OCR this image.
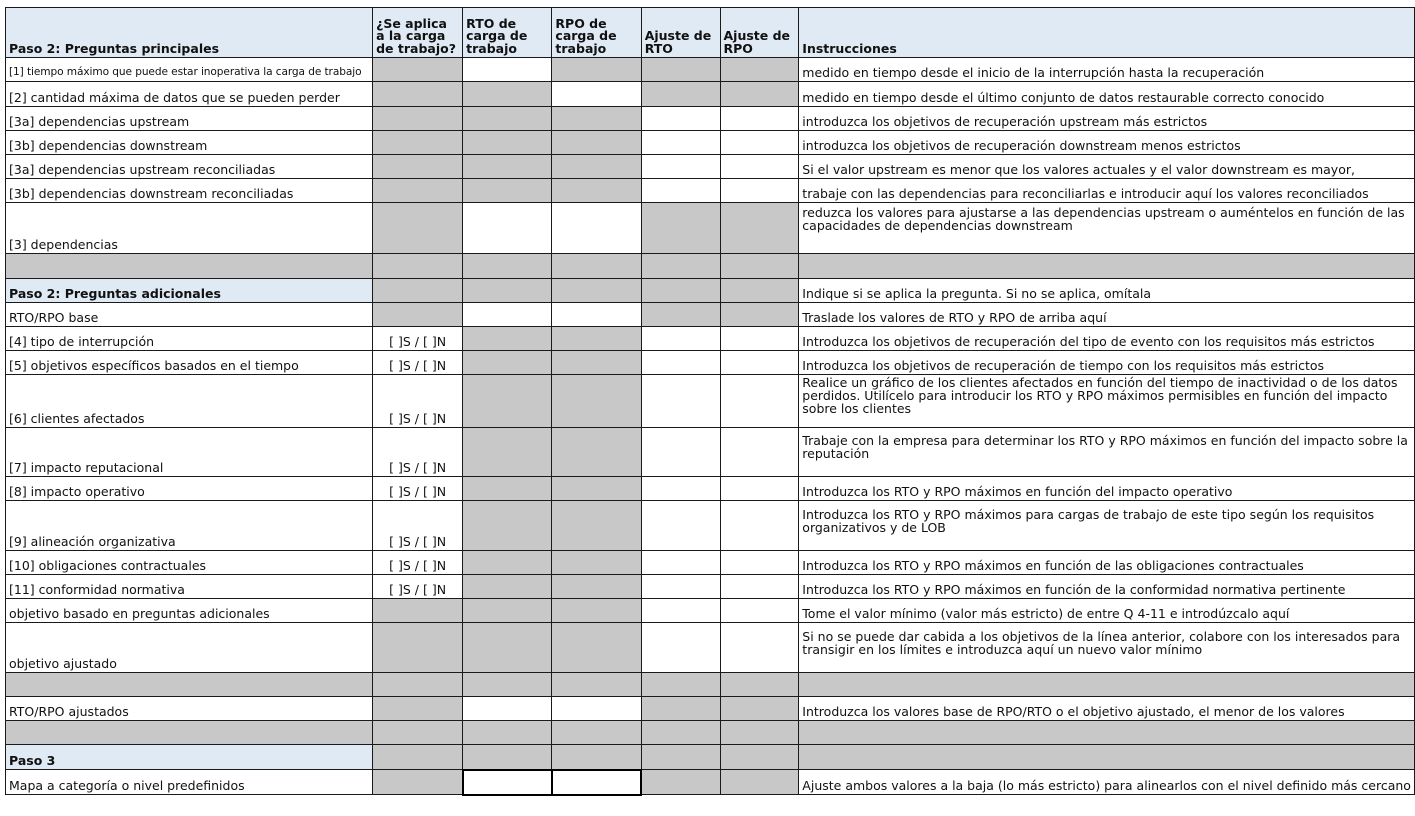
Paso 2: Preguntas principales	¿Se aplica a la carga de trabajo?	RTO de carga de trabajo	RPO de carga de trabajo	Ajuste de RTO	Ajuste de RPO	Instrucciones
[1] tiempo máximo que puede estar inoperativa la carga de trabajo						medido en tiempo desde el inicio de la interrupción hasta la recuperación
[2] cantidad máxima de datos que se pueden perder						medido en tiempo desde el último conjunto de datos restaurable correcto conocido
[3a] dependencias upstream						introduzca los objetivos de recuperación upstream más estrictos
[3b] dependencias downstream						introduzca los objetivos de recuperación downstream menos estrictos
[3a] dependencias upstream reconciliadas						Si el valor upstream es menor que los valores actuales y el valor downstream es mayor,
[3b] dependencias downstream reconciliadas						trabaje con las dependencias para reconciliarlas e introducir aquí los valores reconciliados
[3] dependencias						reduzca los valores para ajustarse a las dependencias upstream o auméntelos en función de las capacidades de dependencias downstream

Paso 2: Preguntas adicionales						Indique si se aplica la pregunta. Si no se aplica, omítala
RTO/RPO base						Traslade los valores de RTO y RPO de arriba aquí
[4] tipo de interrupción	[ ]S / [ ]N					Introduzca los objetivos de recuperación del tipo de evento con los requisitos más estrictos
[5] objetivos específicos basados en el tiempo	[ ]S / [ ]N					Introduzca los objetivos de recuperación de tiempo con los requisitos más estrictos
[6] clientes afectados	[ ]S / [ ]N					Realice un gráfico de los clientes afectados en función del tiempo de inactividad o de los datos perdidos. Utilícelo para introducir los RTO y RPO máximos permisibles en función del impacto sobre los clientes
[7] impacto reputacional	[ ]S / [ ]N					Trabaje con la empresa para determinar los RTO y RPO máximos en función del impacto sobre la reputación
[8] impacto operativo	[ ]S / [ ]N					Introduzca los RTO y RPO máximos en función del impacto operativo
[9] alineación organizativa	[ ]S / [ ]N					Introduzca los RTO y RPO máximos para cargas de trabajo de este tipo según los requisitos organizativos y de LOB
[10] obligaciones contractuales	[ ]S / [ ]N					Introduzca los RTO y RPO máximos en función de las obligaciones contractuales
[11] conformidad normativa	[ ]S / [ ]N					Introduzca los RTO y RPO máximos en función de la conformidad normativa pertinente
objetivo basado en preguntas adicionales						Tome el valor mínimo (valor más estricto) de entre Q 4-11 e introdúzcalo aquí
objetivo ajustado						Si no se puede dar cabida a los objetivos de la línea anterior, colabore con los interesados para transigir en los límites e introduzca aquí un nuevo valor mínimo

RTO/RPO ajustados						Introduzca los valores base de RPO/RTO o el objetivo ajustado, el menor de los valores

Paso 3						
Mapa a categoría o nivel predefinidos						Ajuste ambos valores a la baja (lo más estricto) para alinearlos con el nivel definido más cercano
